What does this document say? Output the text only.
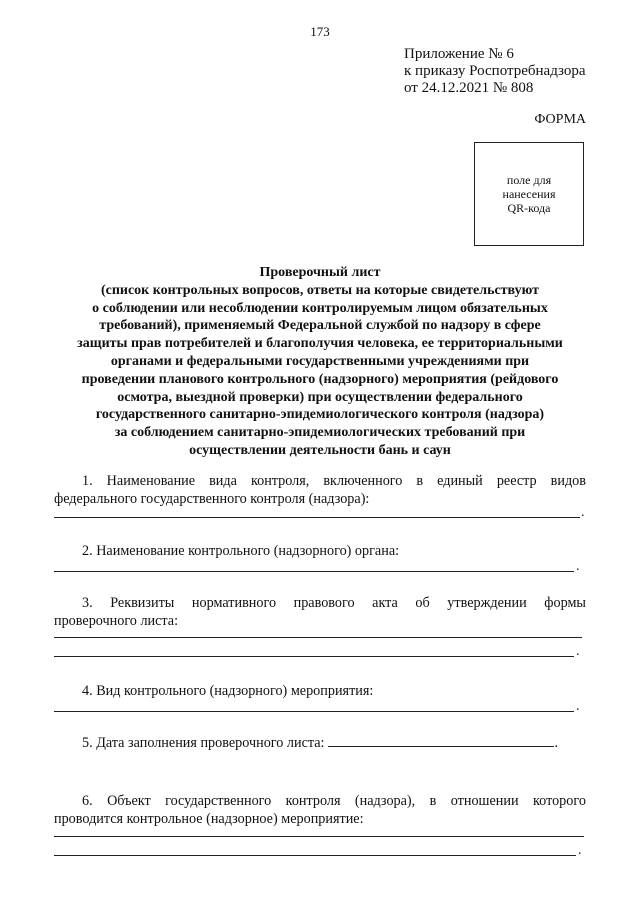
173
Приложение № 6
к приказу Роспотребнадзора
от 24.12.2021 № 808
ФОРМА
поле для
нанесения
QR-кода
Проверочный лист
(список контрольных вопросов, ответы на которые свидетельствуют
о соблюдении или несоблюдении контролируемым лицом обязательных
требований), применяемый Федеральной службой по надзору в сфере
защиты прав потребителей и благополучия человека, ее территориальными
органами и федеральными государственными учреждениями при
проведении планового контрольного (надзорного) мероприятия (рейдового
осмотра, выездной проверки) при осуществлении федерального
государственного санитарно-эпидемиологического контроля (надзора)
за соблюдением санитарно-эпидемиологических требований при
осуществлении деятельности бань и саун
1. Наименование вида контроля, включенного в единый реестр видов
федерального государственного контроля (надзора):
.
2. Наименование контрольного (надзорного) органа:
.
3. Реквизиты нормативного правового акта об утверждении формы
проверочного листа:
.
4. Вид контрольного (надзорного) мероприятия:
.
5. Дата заполнения проверочного листа:	.
6. Объект государственного контроля (надзора), в отношении которого
проводится контрольное (надзорное) мероприятие:
.
